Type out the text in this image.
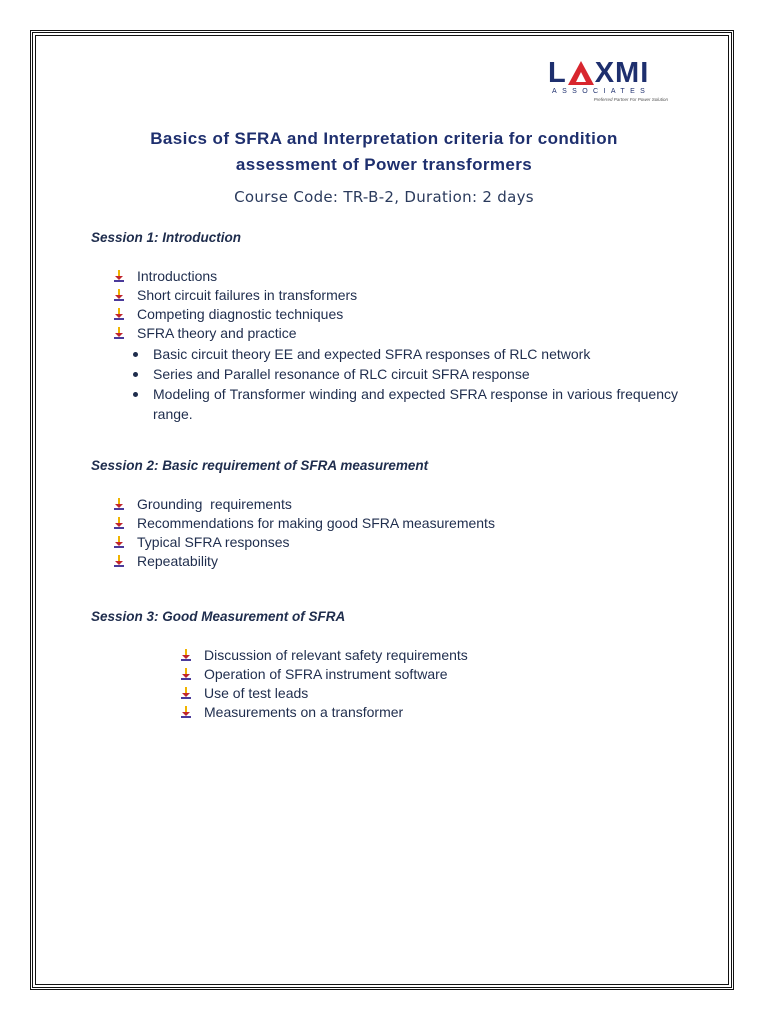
L XMI
ASSOCIATES
Preferred Partner For Power Solution
Basics of SFRA and Interpretation criteria for condition
assessment of Power transformers
Course Code: TR-B-2, Duration: 2 days
Session 1: Introduction
Introductions
Short circuit failures in transformers
Competing diagnostic techniques
SFRA theory and practice
Basic circuit theory EE and expected SFRA responses of RLC network
Series and Parallel resonance of RLC circuit SFRA response
Modeling of Transformer winding and expected SFRA response in various frequency range.
Session 2: Basic requirement of SFRA measurement
Grounding  requirements
Recommendations for making good SFRA measurements
Typical SFRA responses
Repeatability
Session 3: Good Measurement of SFRA
Discussion of relevant safety requirements
Operation of SFRA instrument software
Use of test leads
Measurements on a transformer
